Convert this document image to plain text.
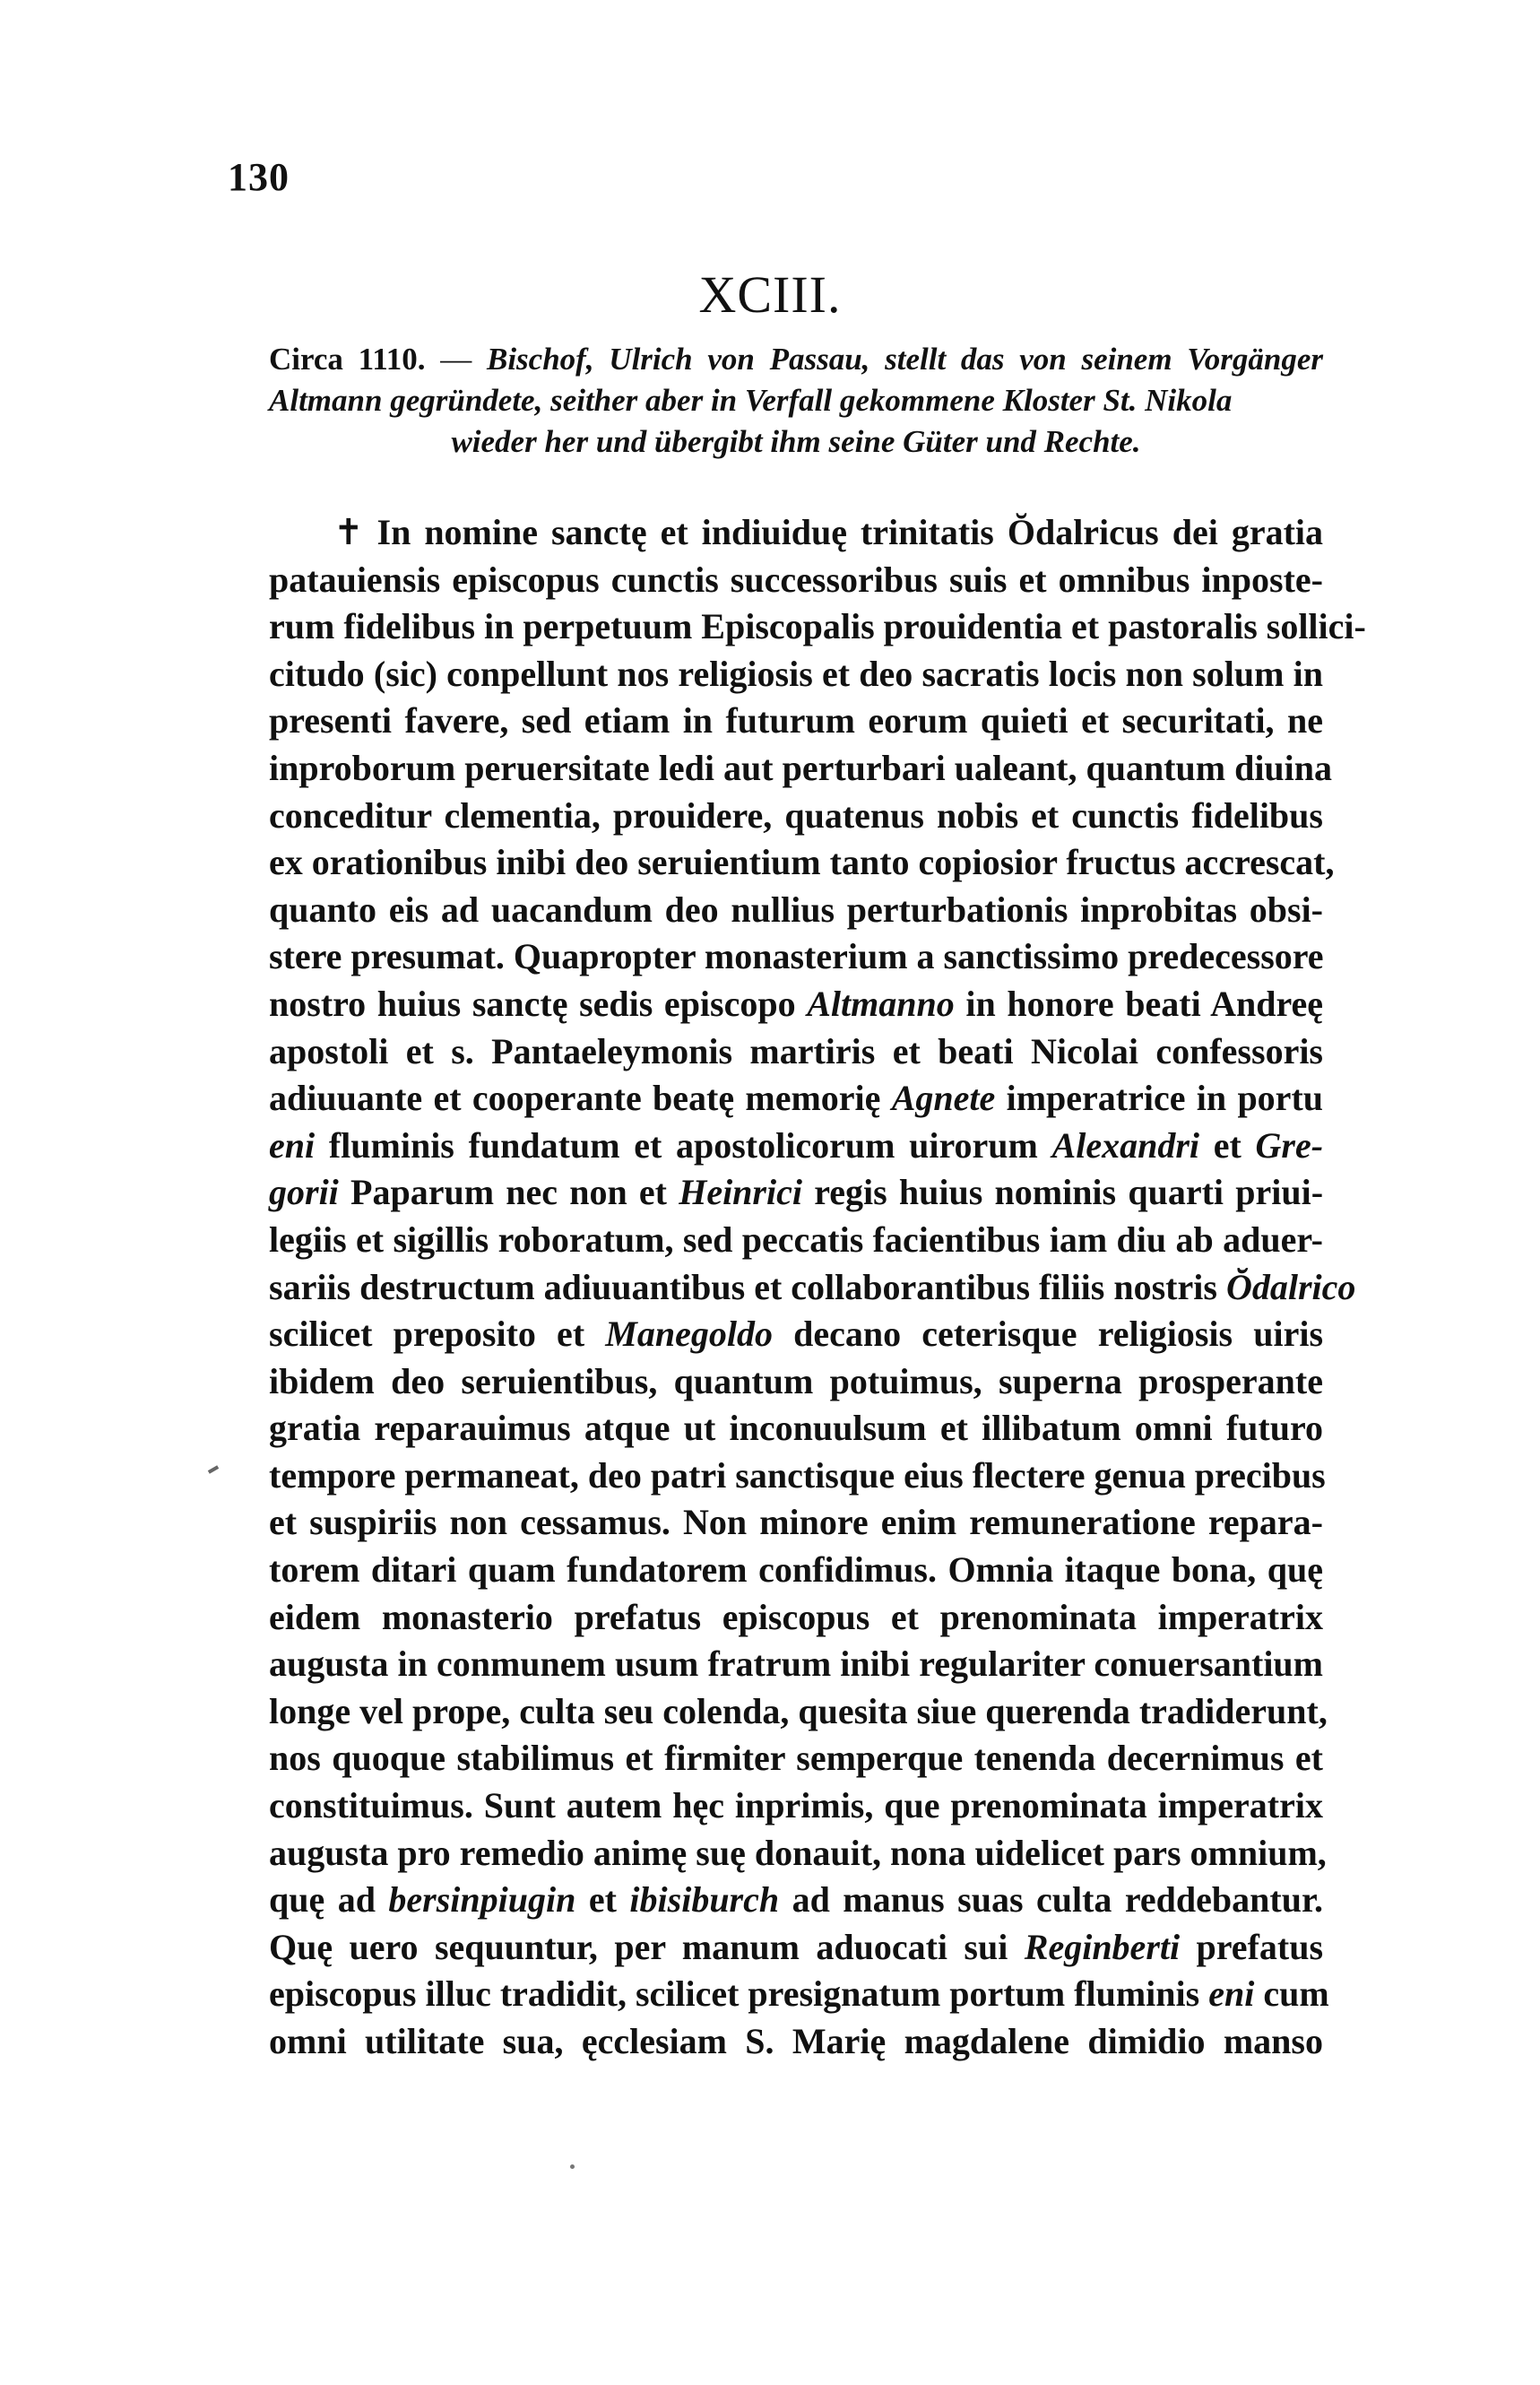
130
XCIII.
Circa 1110. — Bischof, Ulrich von Passau, stellt das von seinem Vorgänger Altmann gegründete, seither aber in Verfall gekommene Kloster St. Nikola
wieder her und übergibt ihm seine Güter und Rechte.
✝ In nomine sanctę et indiuiduę trinitatis Ŏdalricus dei gratia
patauiensis episcopus cunctis successoribus suis et omnibus inposte-
rum fidelibus in perpetuum Episcopalis prouidentia et pastoralis sollici-
citudo (sic) conpellunt nos religiosis et deo sacratis locis non solum in
presenti favere, sed etiam in futurum eorum quieti et securitati, ne
inproborum peruersitate ledi aut perturbari ualeant, quantum diuina
conceditur clementia, prouidere, quatenus nobis et cunctis fidelibus
ex orationibus inibi deo seruientium tanto copiosior fructus accrescat,
quanto eis ad uacandum deo nullius perturbationis inprobitas obsi-
stere presumat. Quapropter monasterium a sanctissimo predecessore
nostro huius sanctę sedis episcopo Altmanno in honore beati Andreę
apostoli et s. Pantaeleymonis martiris et beati Nicolai confessoris
adiuuante et cooperante beatę memorię Agnete imperatrice in portu
eni fluminis fundatum et apostolicorum uirorum Alexandri et Gre-
gorii Paparum nec non et Heinrici regis huius nominis quarti priui-
legiis et sigillis roboratum, sed peccatis facientibus iam diu ab aduer-
sariis destructum adiuuantibus et collaborantibus filiis nostris Ŏdalrico
scilicet preposito et Manegoldo decano ceterisque religiosis uiris
ibidem deo seruientibus, quantum potuimus, superna prosperante
gratia reparauimus atque ut inconuulsum et illibatum omni futuro
tempore permaneat, deo patri sanctisque eius flectere genua precibus
et suspiriis non cessamus. Non minore enim remuneratione repara-
torem ditari quam fundatorem confidimus. Omnia itaque bona, quę
eidem monasterio prefatus episcopus et prenominata imperatrix
augusta in conmunem usum fratrum inibi regulariter conuersantium
longe vel prope, culta seu colenda, quesita siue querenda tradiderunt,
nos quoque stabilimus et firmiter semperque tenenda decernimus et
constituimus. Sunt autem hęc inprimis, que prenominata imperatrix
augusta pro remedio animę suę donauit, nona uidelicet pars omnium,
quę ad bersinpiugin et ibisiburch ad manus suas culta reddebantur.
Quę uero sequuntur, per manum aduocati sui Reginberti prefatus
episcopus illuc tradidit, scilicet presignatum portum fluminis eni cum
omni utilitate sua, ęcclesiam S. Marię magdalene dimidio manso
